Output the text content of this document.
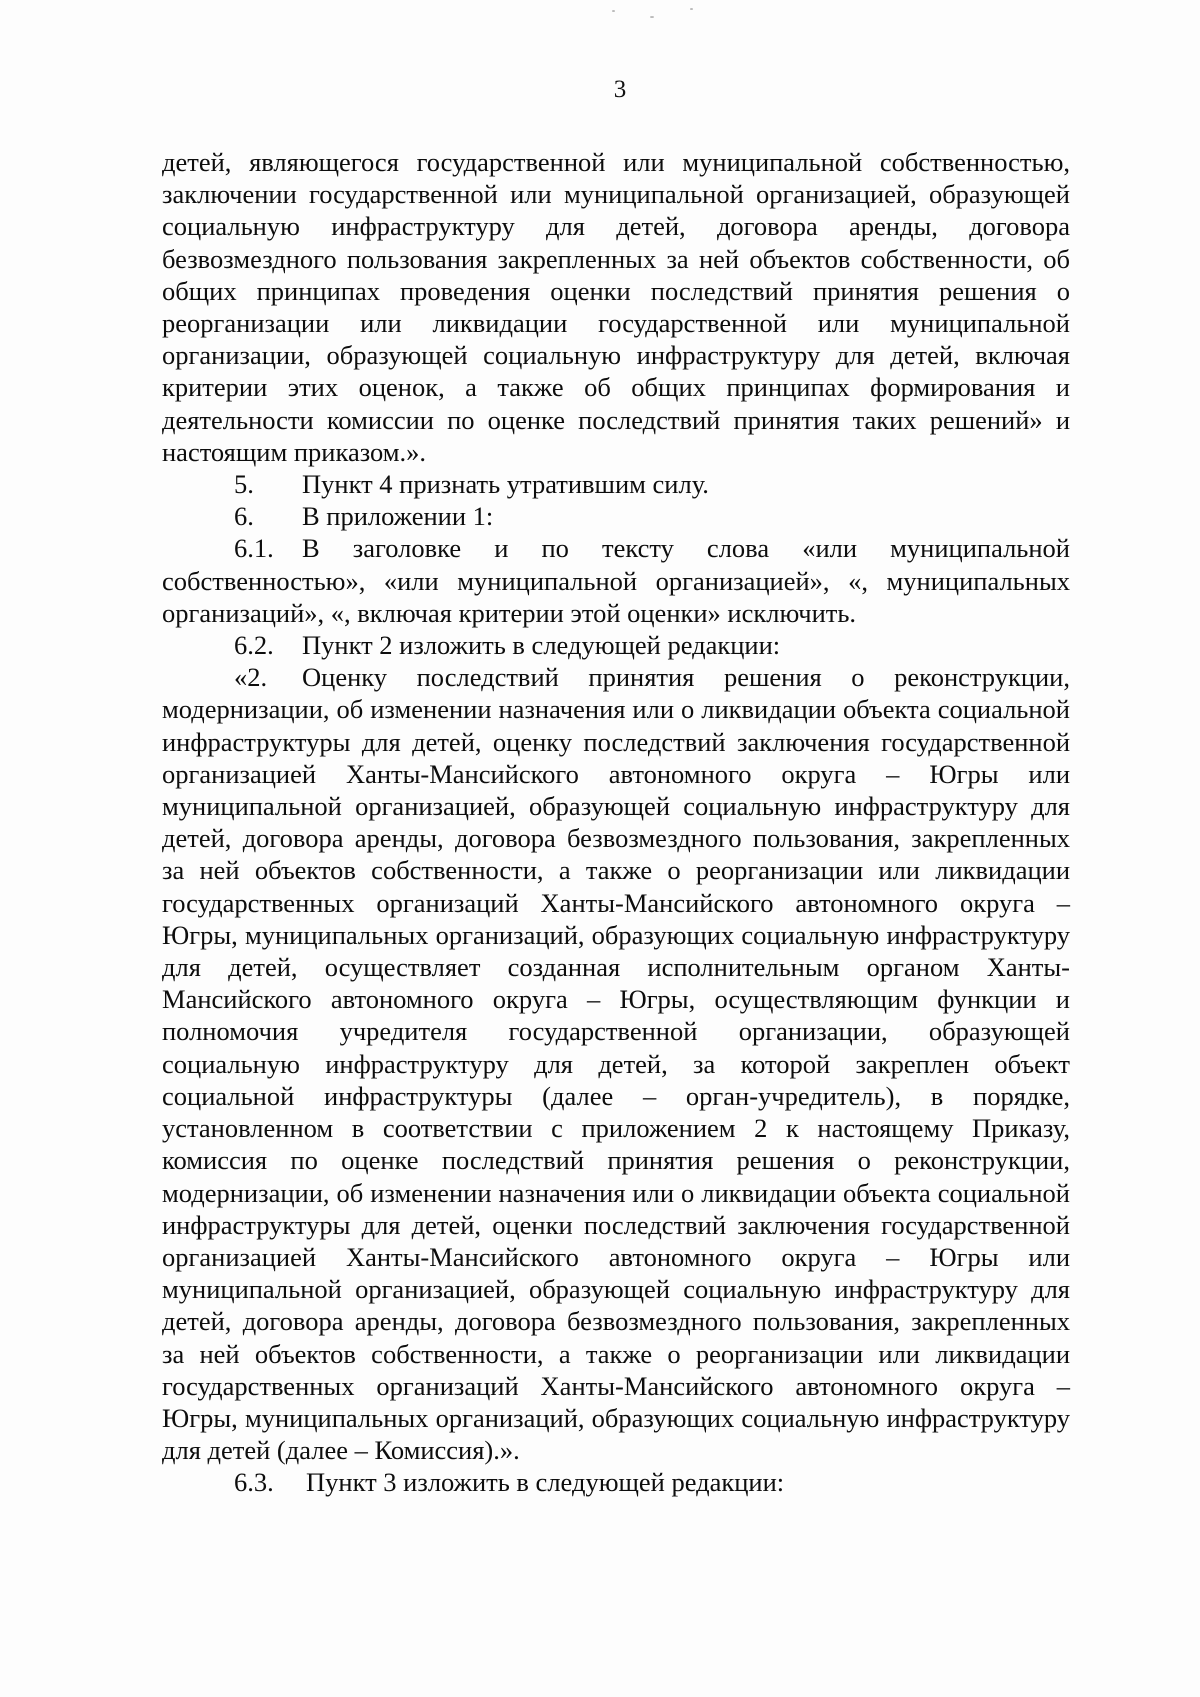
3

детей, являющегося государственной или муниципальной собственностью, заключении государственной или муниципальной организацией, образующей социальную инфраструктуру для детей, договора аренды, договора безвозмездного пользования закрепленных за ней объектов собственности, об общих принципах проведения оценки последствий принятия решения о реорганизации или ликвидации государственной или муниципальной организации, образующей социальную инфраструктуру для детей, включая критерии этих оценок, а также об общих принципах формирования и деятельности комиссии по оценке последствий принятия таких решений» и настоящим приказом.».

5. Пункт 4 признать утратившим силу.

6. В приложении 1:

6.1. В заголовке и по тексту слова «или муниципальной собственностью», «или муниципальной организацией», «, муниципальных организаций», «, включая критерии этой оценки» исключить.

6.2. Пункт 2 изложить в следующей редакции:

«2. Оценку последствий принятия решения о реконструкции, модернизации, об изменении назначения или о ликвидации объекта социальной инфраструктуры для детей, оценку последствий заключения государственной организацией Ханты-Мансийского автономного округа – Югры или муниципальной организацией, образующей социальную инфраструктуру для детей, договора аренды, договора безвозмездного пользования, закрепленных за ней объектов собственности, а также о реорганизации или ликвидации государственных организаций Ханты-Мансийского автономного округа – Югры, муниципальных организаций, образующих социальную инфраструктуру для детей, осуществляет созданная исполнительным органом Ханты-Мансийского автономного округа – Югры, осуществляющим функции и полномочия учредителя государственной организации, образующей социальную инфраструктуру для детей, за которой закреплен объект социальной инфраструктуры (далее – орган-учредитель), в порядке, установленном в соответствии с приложением 2 к настоящему Приказу, комиссия по оценке последствий принятия решения о реконструкции, модернизации, об изменении назначения или о ликвидации объекта социальной инфраструктуры для детей, оценки последствий заключения государственной организацией Ханты-Мансийского автономного округа – Югры или муниципальной организацией, образующей социальную инфраструктуру для детей, договора аренды, договора безвозмездного пользования, закрепленных за ней объектов собственности, а также о реорганизации или ликвидации государственных организаций Ханты-Мансийского автономного округа – Югры, муниципальных организаций, образующих социальную инфраструктуру для детей (далее – Комиссия).».

6.3. Пункт 3 изложить в следующей редакции:
